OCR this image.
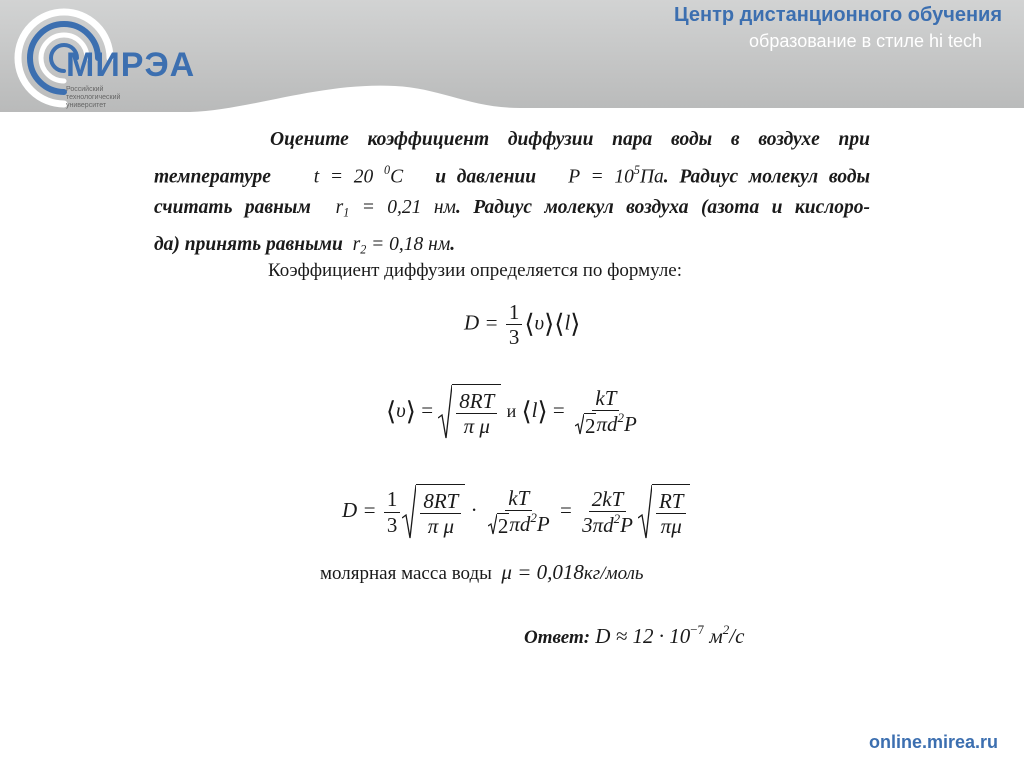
МИРЭА
Российский
технологический
университет
Центр дистанционного обучения
образование в стиле hi tech
Оцените коэффициент диффузии пара воды в воздухе при
температуре t = 20 $^0$C и давлении $P = 10^5Па$. Радиус молекул воды
считать равным $r_1 = 0,21$ нм. Радиус молекул воздуха (азота и кислоро-
да) принять равными $r_2 = 0,18$ нм.
Коэффициент диффузии определяется по формуле:
$D = \frac{1}{3}$ ⟨υ⟩⟨l⟩
⟨υ⟩ = $\frac{8RT}{\text{π μ}}$ и ⟨l⟩ = $\frac{kT}{2 \pi d^2P}$
$D = \frac{1}{3} \frac{8RT}{\text{π μ}} \cdot \frac{kT}{2 \pi d^2P} = \frac{2kT}{3\pi d^2P} \frac{RT}{\pi\mu}$
молярная масса воды μ = 0,018кг/моль
Ответ: $D \approx 12 \cdot 10^{-7}$ $м^2/c$
online.mirea.ru
